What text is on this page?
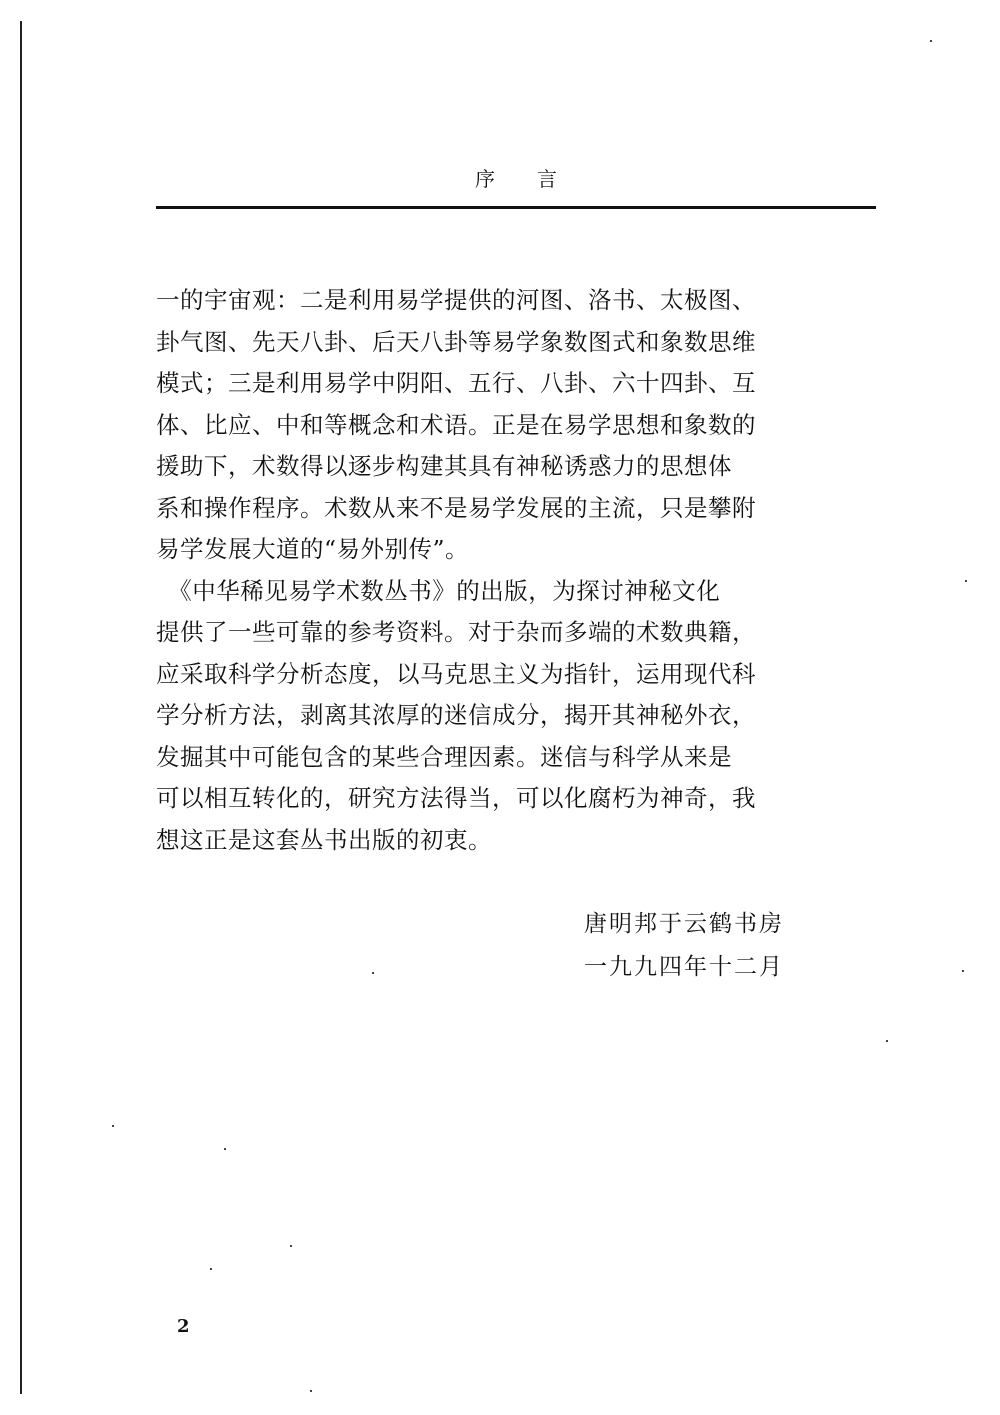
序言

一的宇宙观：二是利用易学提供的河图、洛书、太极图、
卦气图、先天八卦、后天八卦等易学象数图式和象数思维
模式；三是利用易学中阴阳、五行、八卦、六十四卦、互
体、比应、中和等概念和术语。正是在易学思想和象数的
援助下，术数得以逐步构建其具有神秘诱惑力的思想体
系和操作程序。术数从来不是易学发展的主流，只是攀附
易学发展大道的“易外别传”。

　《中华稀见易学术数丛书》的出版，为探讨神秘文化
提供了一些可靠的参考资料。对于杂而多端的术数典籍，
应采取科学分析态度，以马克思主义为指针，运用现代科
学分析方法，剥离其浓厚的迷信成分，揭开其神秘外衣，
发掘其中可能包含的某些合理因素。迷信与科学从来是
可以相互转化的，研究方法得当，可以化腐朽为神奇，我
想这正是这套丛书出版的初衷。

唐明邦于云鹤书房
一九九四年十二月
2
